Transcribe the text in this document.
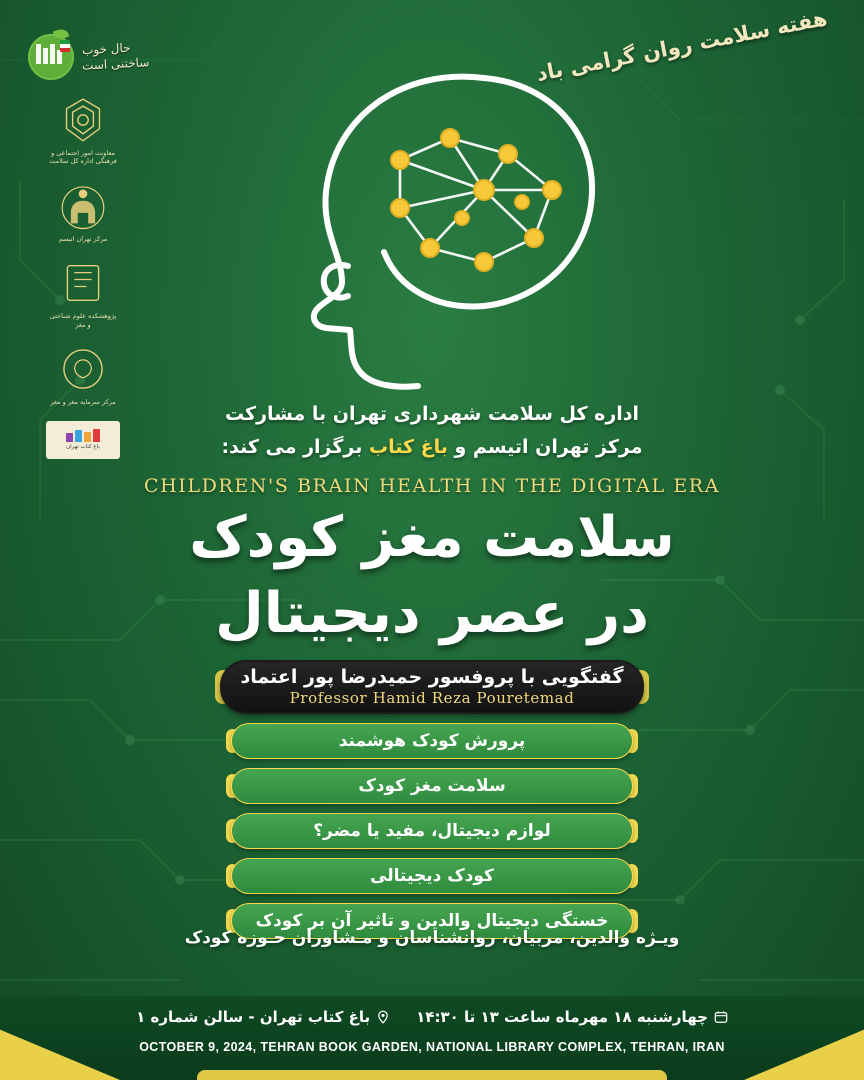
هفته سلامت روان گرامی باد
حال خوب
ساختنی است
معاونت امور اجتماعی و فرهنگی اداره کل سلامت
مرکز تهران اتیسم
پژوهشکده علوم شناختی و مغز
مرکز سرمایه مغز و مغز
باغ کتاب تهران
اداره کل سلامت شهرداری تهران با مشارکت
مرکز تهران اتیسم و باغ کتاب برگزار می کند:
CHILDREN'S BRAIN HEALTH IN THE DIGITAL ERA
سلامت مغز کودک
در عصر دیجیتال
گفتگویی با پروفسور حمیدرضا پور اعتماد
Professor Hamid Reza Pouretemad
پرورش کودک هوشمند
سلامت مغز کودک
لوازم دیجیتال، مفید یا مضر؟
کودک دیجیتالی
خستگی دیجیتال والدین و تاثیر آن بر کودک
ویـژه والدین، مربیان، روانشناسان و مـشاوران حـوزه کودک
چهارشنبه ۱۸ مهرماه ساعت ۱۳ تا ۱۴:۳۰
باغ کتاب تهران - سالن شماره ۱
OCTOBER 9, 2024, TEHRAN BOOK GARDEN, NATIONAL LIBRARY COMPLEX, TEHRAN, IRAN
